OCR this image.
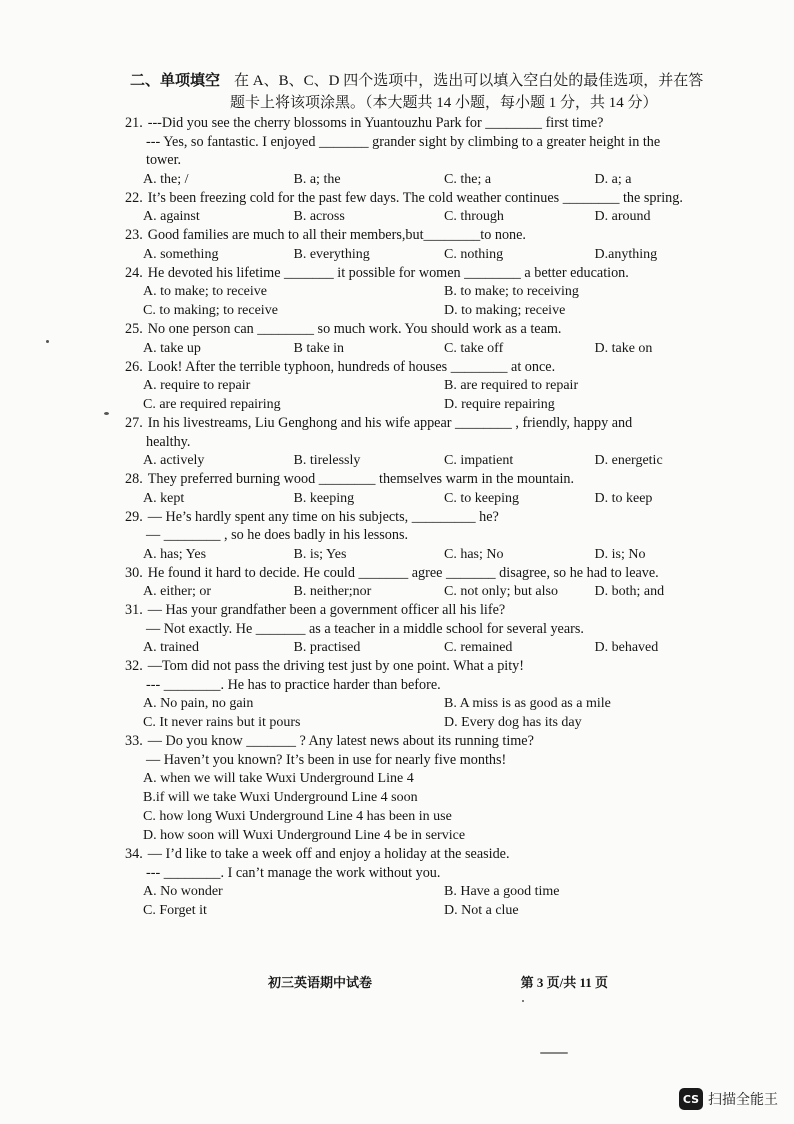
二、单项填空 在 A、B、C、D 四个选项中，选出可以填入空白处的最佳选项，并在答
题卡上将该项涂黑。（本大题共 14 小题，每小题 1 分，共 14 分）
21. ---Did you see the cherry blossoms in Yuantouzhu Park for ________ first time?
--- Yes, so fantastic. I enjoyed _______ grander sight by climbing to a greater height in the
tower.
A. the; /	B. a; the	C. the; a	D. a; a
22. It’s been freezing cold for the past few days. The cold weather continues ________ the spring.
A. against	B. across	C. through	D. around
23. Good families are much to all their members,but________to none.
A. something	B. everything	C. nothing	D.anything
24. He devoted his lifetime _______ it possible for women ________ a better education.
A. to make; to receive	B. to make; to receiving
C. to making; to receive	D. to making; receive
25. No one person can ________ so much work. You should work as a team.
A. take up	B take in	C. take off	D. take on
26. Look! After the terrible typhoon, hundreds of houses ________ at once.
A. require to repair	B. are required to repair
C. are required repairing	D. require repairing
27. In his livestreams, Liu Genghong and his wife appear ________ , friendly, happy and
healthy.
A. actively	B. tirelessly	C. impatient	D. energetic
28. They preferred burning wood ________ themselves warm in the mountain.
A. kept	B. keeping	C. to keeping	D. to keep
29. — He’s hardly spent any time on his subjects, _________ he?
— ________ , so he does badly in his lessons.
A. has; Yes	B. is; Yes	C. has; No	D. is; No
30. He found it hard to decide. He could _______ agree _______ disagree, so he had to leave.
A. either; or	B. neither;nor	C. not only; but also	D. both; and
31. — Has your grandfather been a government officer all his life?
— Not exactly. He _______ as a teacher in a middle school for several years.
A. trained	B. practised	C. remained	D. behaved
32. —Tom did not pass the driving test just by one point. What a pity!
--- ________. He has to practice harder than before.
A. No pain, no gain	B. A miss is as good as a mile
C. It never rains but it pours	D. Every dog has its day
33. — Do you know _______ ? Any latest news about its running time?
— Haven’t you known? It’s been in use for nearly five months!
A. when we will take Wuxi Underground Line 4
B.if will we take Wuxi Underground Line 4 soon
C. how long Wuxi Underground Line 4 has been in use
D. how soon will Wuxi Underground Line 4 be in service
34. — I’d like to take a week off and enjoy a holiday at the seaside.
--- ________. I can’t manage the work without you.
A. No wonder	B. Have a good time
C. Forget it	D. Not a clue
初三英语期中试卷	第 3 页/共 11 页
CS 扫描全能王
